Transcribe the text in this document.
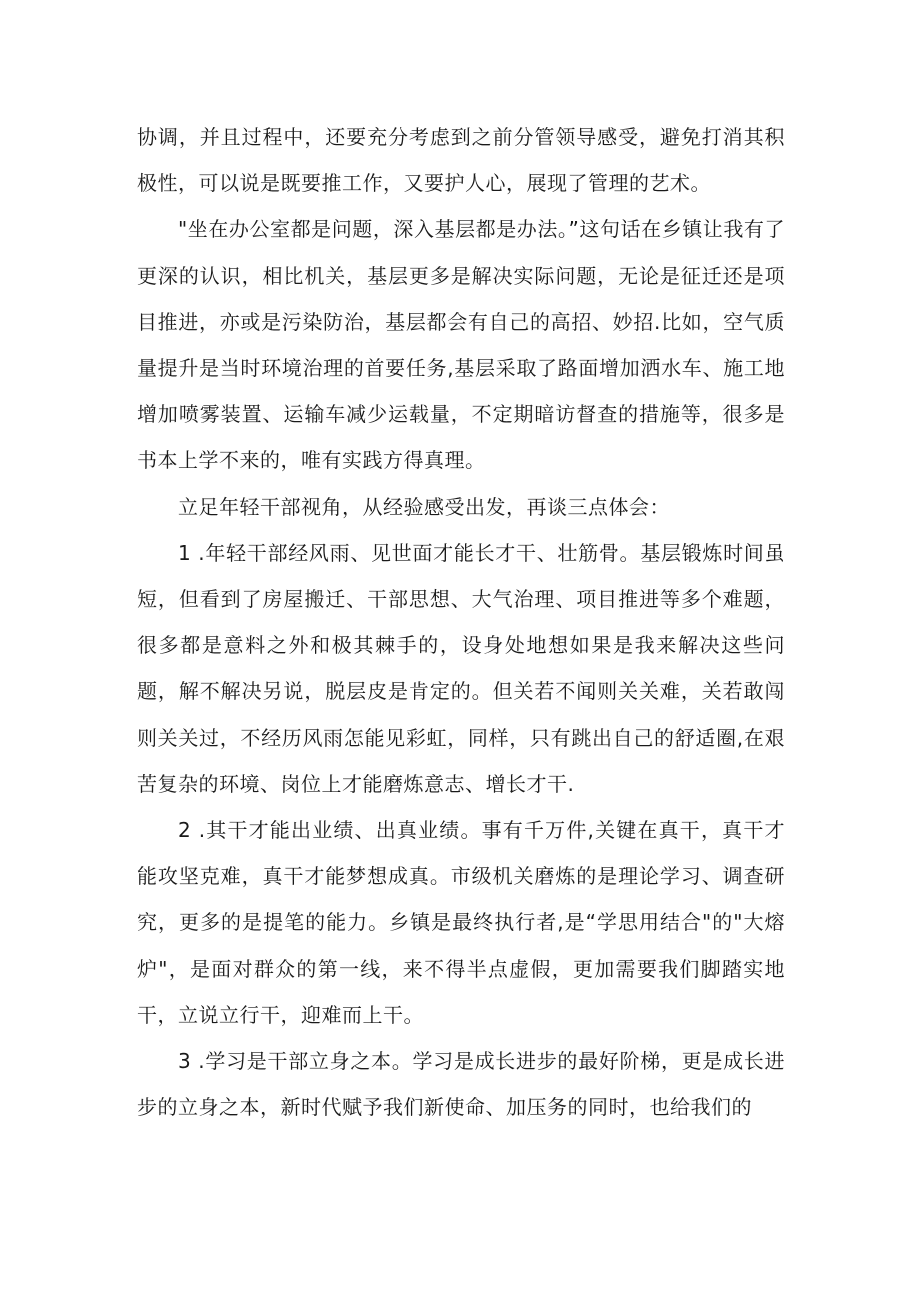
协调，并且过程中，还要充分考虑到之前分管领导感受，避免打消其积极性，可以说是既要推工作，又要护人心，展现了管理的艺术。

"坐在办公室都是问题，深入基层都是办法。”这句话在乡镇让我有了更深的认识，相比机关，基层更多是解决实际问题，无论是征迁还是项目推进，亦或是污染防治，基层都会有自己的高招、妙招.比如，空气质量提升是当时环境治理的首要任务,基层采取了路面增加洒水车、施工地增加喷雾装置、运输车减少运载量，不定期暗访督查的措施等，很多是书本上学不来的，唯有实践方得真理。

立足年轻干部视角，从经验感受出发，再谈三点体会：

1 .年轻干部经风雨、见世面才能长才干、壮筋骨。基层锻炼时间虽短，但看到了房屋搬迁、干部思想、大气治理、项目推进等多个难题，很多都是意料之外和极其棘手的，设身处地想如果是我来解决这些问题，解不解决另说，脱层皮是肯定的。但关若不闻则关关难，关若敢闯则关关过，不经历风雨怎能见彩虹，同样，只有跳出自己的舒适圈,在艰苦复杂的环境、岗位上才能磨炼意志、增长才干.

2 .其干才能出业绩、出真业绩。事有千万件,关键在真干，真干才能攻坚克难，真干才能梦想成真。市级机关磨炼的是理论学习、调查研究，更多的是提笔的能力。乡镇是最终执行者,是“学思用结合"的"大熔炉"，是面对群众的第一线，来不得半点虚假，更加需要我们脚踏实地干，立说立行干，迎难而上干。

3 .学习是干部立身之本。学习是成长进步的最好阶梯，更是成长进步的立身之本，新时代赋予我们新使命、加压务的同时，也给我们的
